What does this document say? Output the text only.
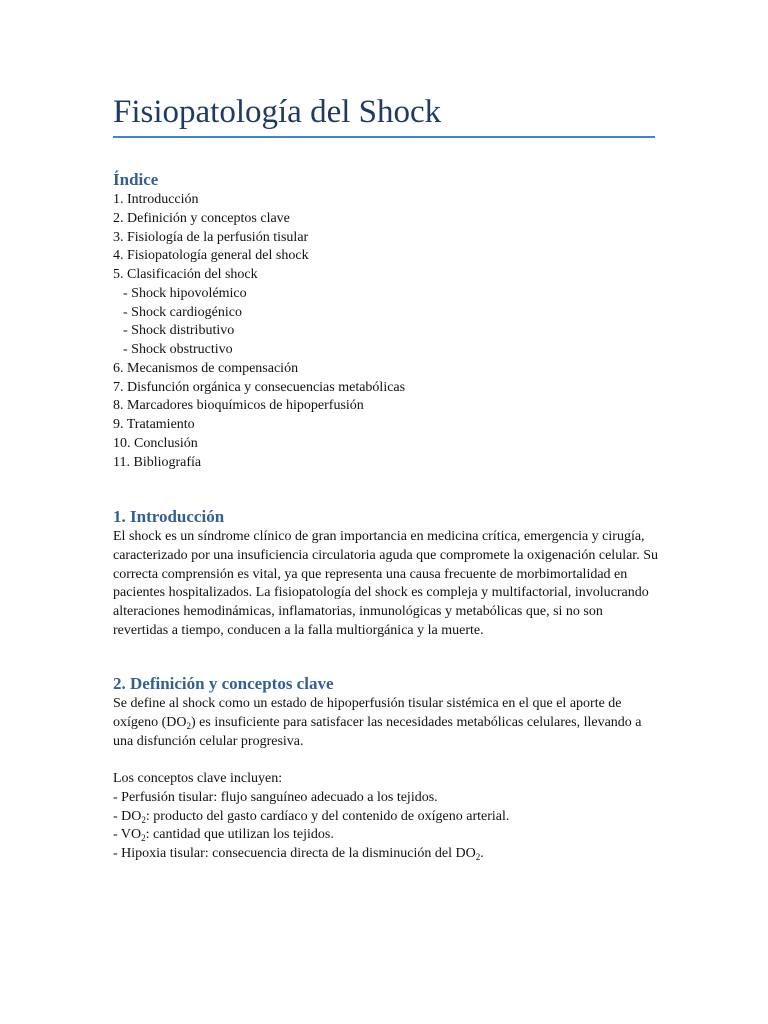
Fisiopatología del Shock
Índice
1. Introducción
2. Definición y conceptos clave
3. Fisiología de la perfusión tisular
4. Fisiopatología general del shock
5. Clasificación del shock
- Shock hipovolémico
- Shock cardiogénico
- Shock distributivo
- Shock obstructivo
6. Mecanismos de compensación
7. Disfunción orgánica y consecuencias metabólicas
8. Marcadores bioquímicos de hipoperfusión
9. Tratamiento
10. Conclusión
11. Bibliografía
1. Introducción

El shock es un síndrome clínico de gran importancia en medicina crítica, emergencia y cirugía, caracterizado por una insuficiencia circulatoria aguda que compromete la oxigenación celular. Su correcta comprensión es vital, ya que representa una causa frecuente de morbimortalidad en pacientes hospitalizados. La fisiopatología del shock es compleja y multifactorial, involucrando alteraciones hemodinámicas, inflamatorias, inmunológicas y metabólicas que, si no son revertidas a tiempo, conducen a la falla multiorgánica y la muerte.

2. Definición y conceptos clave

Se define al shock como un estado de hipoperfusión tisular sistémica en el que el aporte de oxígeno $(DO_2)$ es insuficiente para satisfacer las necesidades metabólicas celulares, llevando a una disfunción celular progresiva.

Los conceptos clave incluyen:
- Perfusión tisular: flujo sanguíneo adecuado a los tejidos.
- $DO_2$: producto del gasto cardíaco y del contenido de oxígeno arterial.
- $VO_2$: cantidad que utilizan los tejidos.
- Hipoxia tisular: consecuencia directa de la disminución del $DO_2$.
